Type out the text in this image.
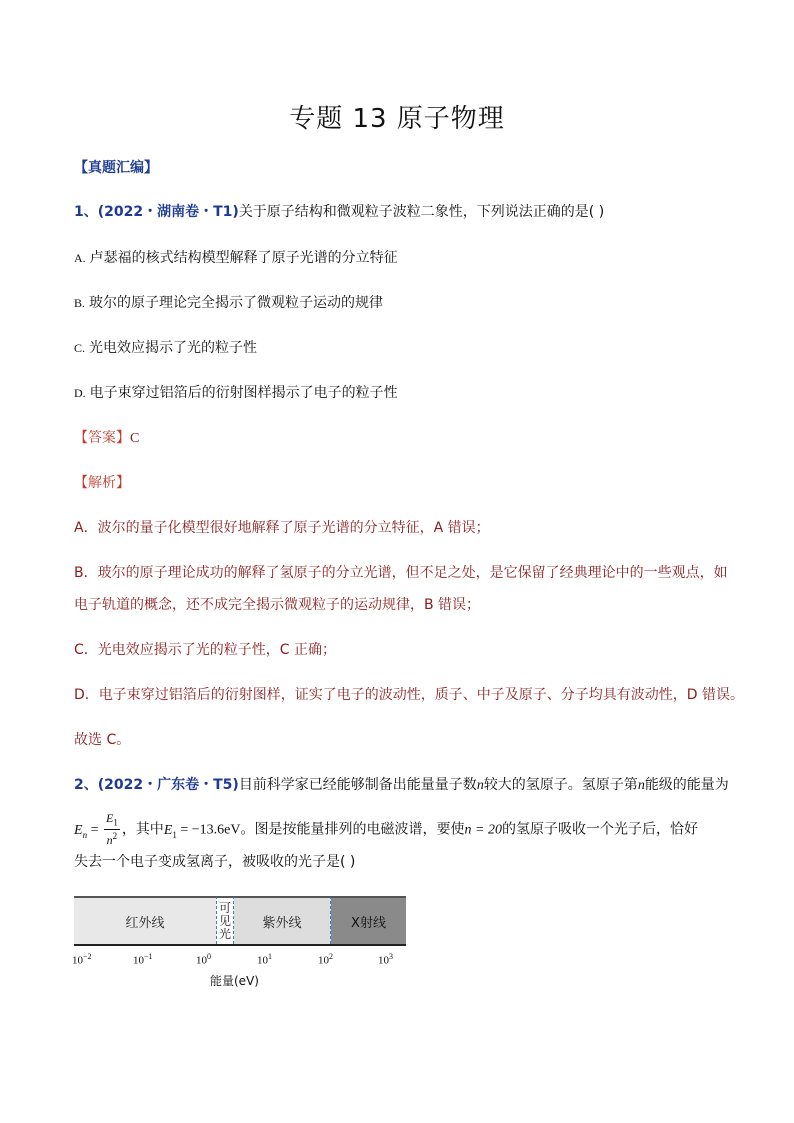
专题 13 原子物理
【真题汇编】
1、(2022・湖南卷・T1)关于原子结构和微观粒子波粒二象性，下列说法正确的是( )
A. 卢瑟福的核式结构模型解释了原子光谱的分立特征
B. 玻尔的原子理论完全揭示了微观粒子运动的规律
C. 光电效应揭示了光的粒子性
D. 电子束穿过铝箔后的衍射图样揭示了电子的粒子性
【答案】C
【解析】
A．波尔的量子化模型很好地解释了原子光谱的分立特征，A 错误；
B．玻尔的原子理论成功的解释了氢原子的分立光谱，但不足之处，是它保留了经典理论中的一些观点，如
电子轨道的概念，还不成完全揭示微观粒子的运动规律，B 错误；
C．光电效应揭示了光的粒子性，C 正确；
D．电子束穿过铝箔后的衍射图样，证实了电子的波动性，质子、中子及原子、分子均具有波动性，D 错误。
故选 C。
2、(2022・广东卷・T5)目前科学家已经能够制备出能量量子数n较大的氢原子。氢原子第n能级的能量为
$E_n = \frac{E_1}{n^2}$ ，其中$E_1 = -13.6eV$。图是按能量排列的电磁波谱，要使n = 20的氢原子吸收一个光子后，恰好
失去一个电子变成氢离子，被吸收的光子是( )
红外线
可
见
光
紫外线	X射线
$10^{-2}$	$10^{-1}$	$10^0$	$10^1$	$10^2$	$10^3$
能量(eV)
